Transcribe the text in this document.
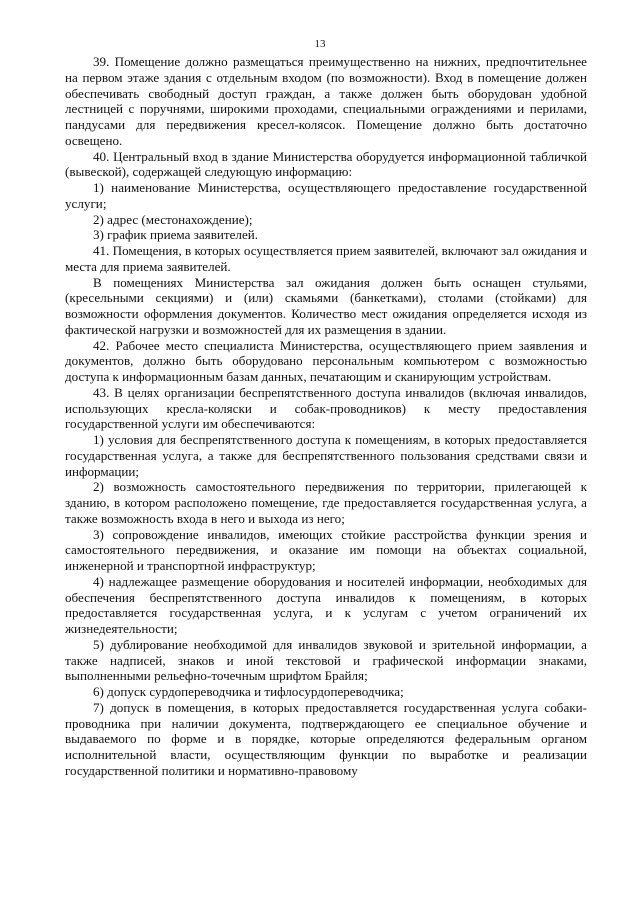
13

39. Помещение должно размещаться преимущественно на нижних, предпочтительнее на первом этаже здания с отдельным входом (по возможности). Вход в помещение должен обеспечивать свободный доступ граждан, а также должен быть оборудован удобной лестницей с поручнями, широкими проходами, специальными ограждениями и перилами, пандусами для передвижения кресел-колясок. Помещение должно быть достаточно освещено.

40. Центральный вход в здание Министерства оборудуется информационной табличкой (вывеской), содержащей следующую информацию:

1) наименование Министерства, осуществляющего предоставление государственной услуги;

2) адрес (местонахождение);

3) график приема заявителей.

41. Помещения, в которых осуществляется прием заявителей, включают зал ожидания и места для приема заявителей.

В помещениях Министерства зал ожидания должен быть оснащен стульями, (кресельными секциями) и (или) скамьями (банкетками), столами (стойками) для возможности оформления документов. Количество мест ожидания определяется исходя из фактической нагрузки и возможностей для их размещения в здании.

42. Рабочее место специалиста Министерства, осуществляющего прием заявления и документов, должно быть оборудовано персональным компьютером с возможностью доступа к информационным базам данных, печатающим и сканирующим устройствам.

43. В целях организации беспрепятственного доступа инвалидов (включая инвалидов, использующих кресла-коляски и собак-проводников) к месту предоставления государственной услуги им обеспечиваются:

1) условия для беспрепятственного доступа к помещениям, в которых предоставляется государственная услуга, а также для беспрепятственного пользования средствами связи и информации;

2) возможность самостоятельного передвижения по территории, прилегающей к зданию, в котором расположено помещение, где предоставляется государственная услуга, а также возможность входа в него и выхода из него;

3) сопровождение инвалидов, имеющих стойкие расстройства функции зрения и самостоятельного передвижения, и оказание им помощи на объектах социальной, инженерной и транспортной инфраструктур;

4) надлежащее размещение оборудования и носителей информации, необходимых для обеспечения беспрепятственного доступа инвалидов к помещениям, в которых предоставляется государственная услуга, и к услугам с учетом ограничений их жизнедеятельности;

5) дублирование необходимой для инвалидов звуковой и зрительной информации, а также надписей, знаков и иной текстовой и графической информации знаками, выполненными рельефно-точечным шрифтом Брайля;

6) допуск сурдопереводчика и тифлосурдопереводчика;

7) допуск в помещения, в которых предоставляется государственная услуга собаки-проводника при наличии документа, подтверждающего ее специальное обучение и выдаваемого по форме и в порядке, которые определяются федеральным органом исполнительной власти, осуществляющим функции по выработке и реализации государственной политики и нормативно-правовому
